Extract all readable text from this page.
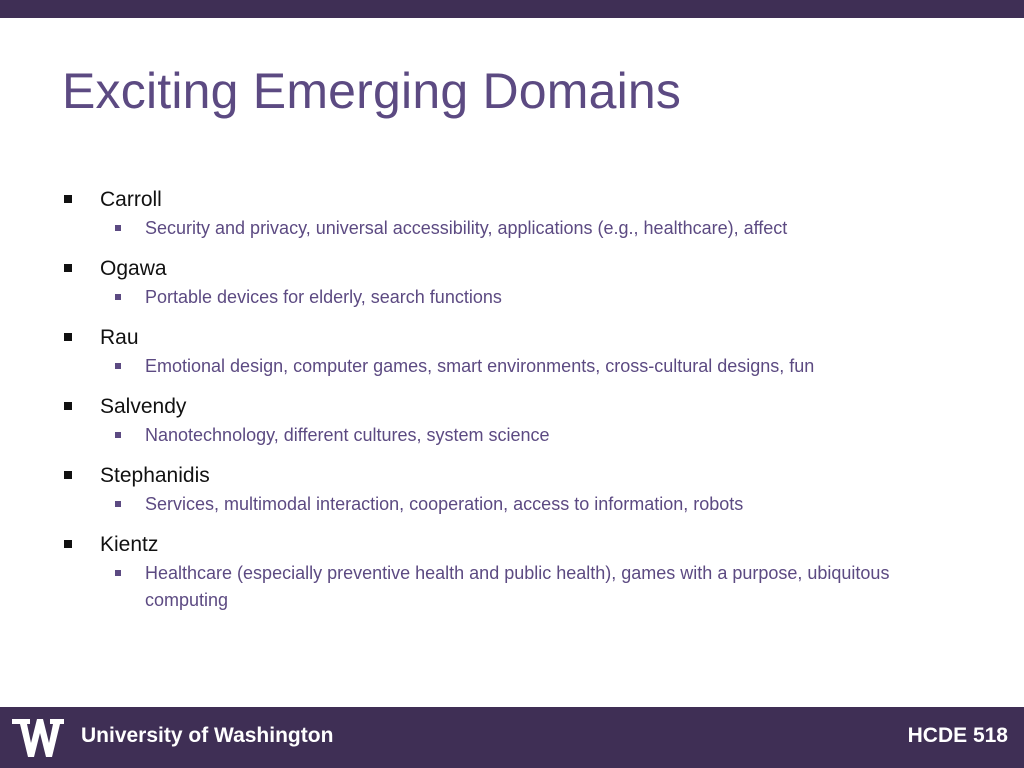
Exciting Emerging Domains
Carroll
Security and privacy, universal accessibility, applications (e.g., healthcare), affect
Ogawa
Portable devices for elderly, search functions
Rau
Emotional design, computer games, smart environments, cross-cultural designs, fun
Salvendy
Nanotechnology, different cultures, system science
Stephanidis
Services, multimodal interaction, cooperation, access to information, robots
Kientz
Healthcare (especially preventive health and public health), games with a purpose, ubiquitous computing
University of Washington	HCDE 518
